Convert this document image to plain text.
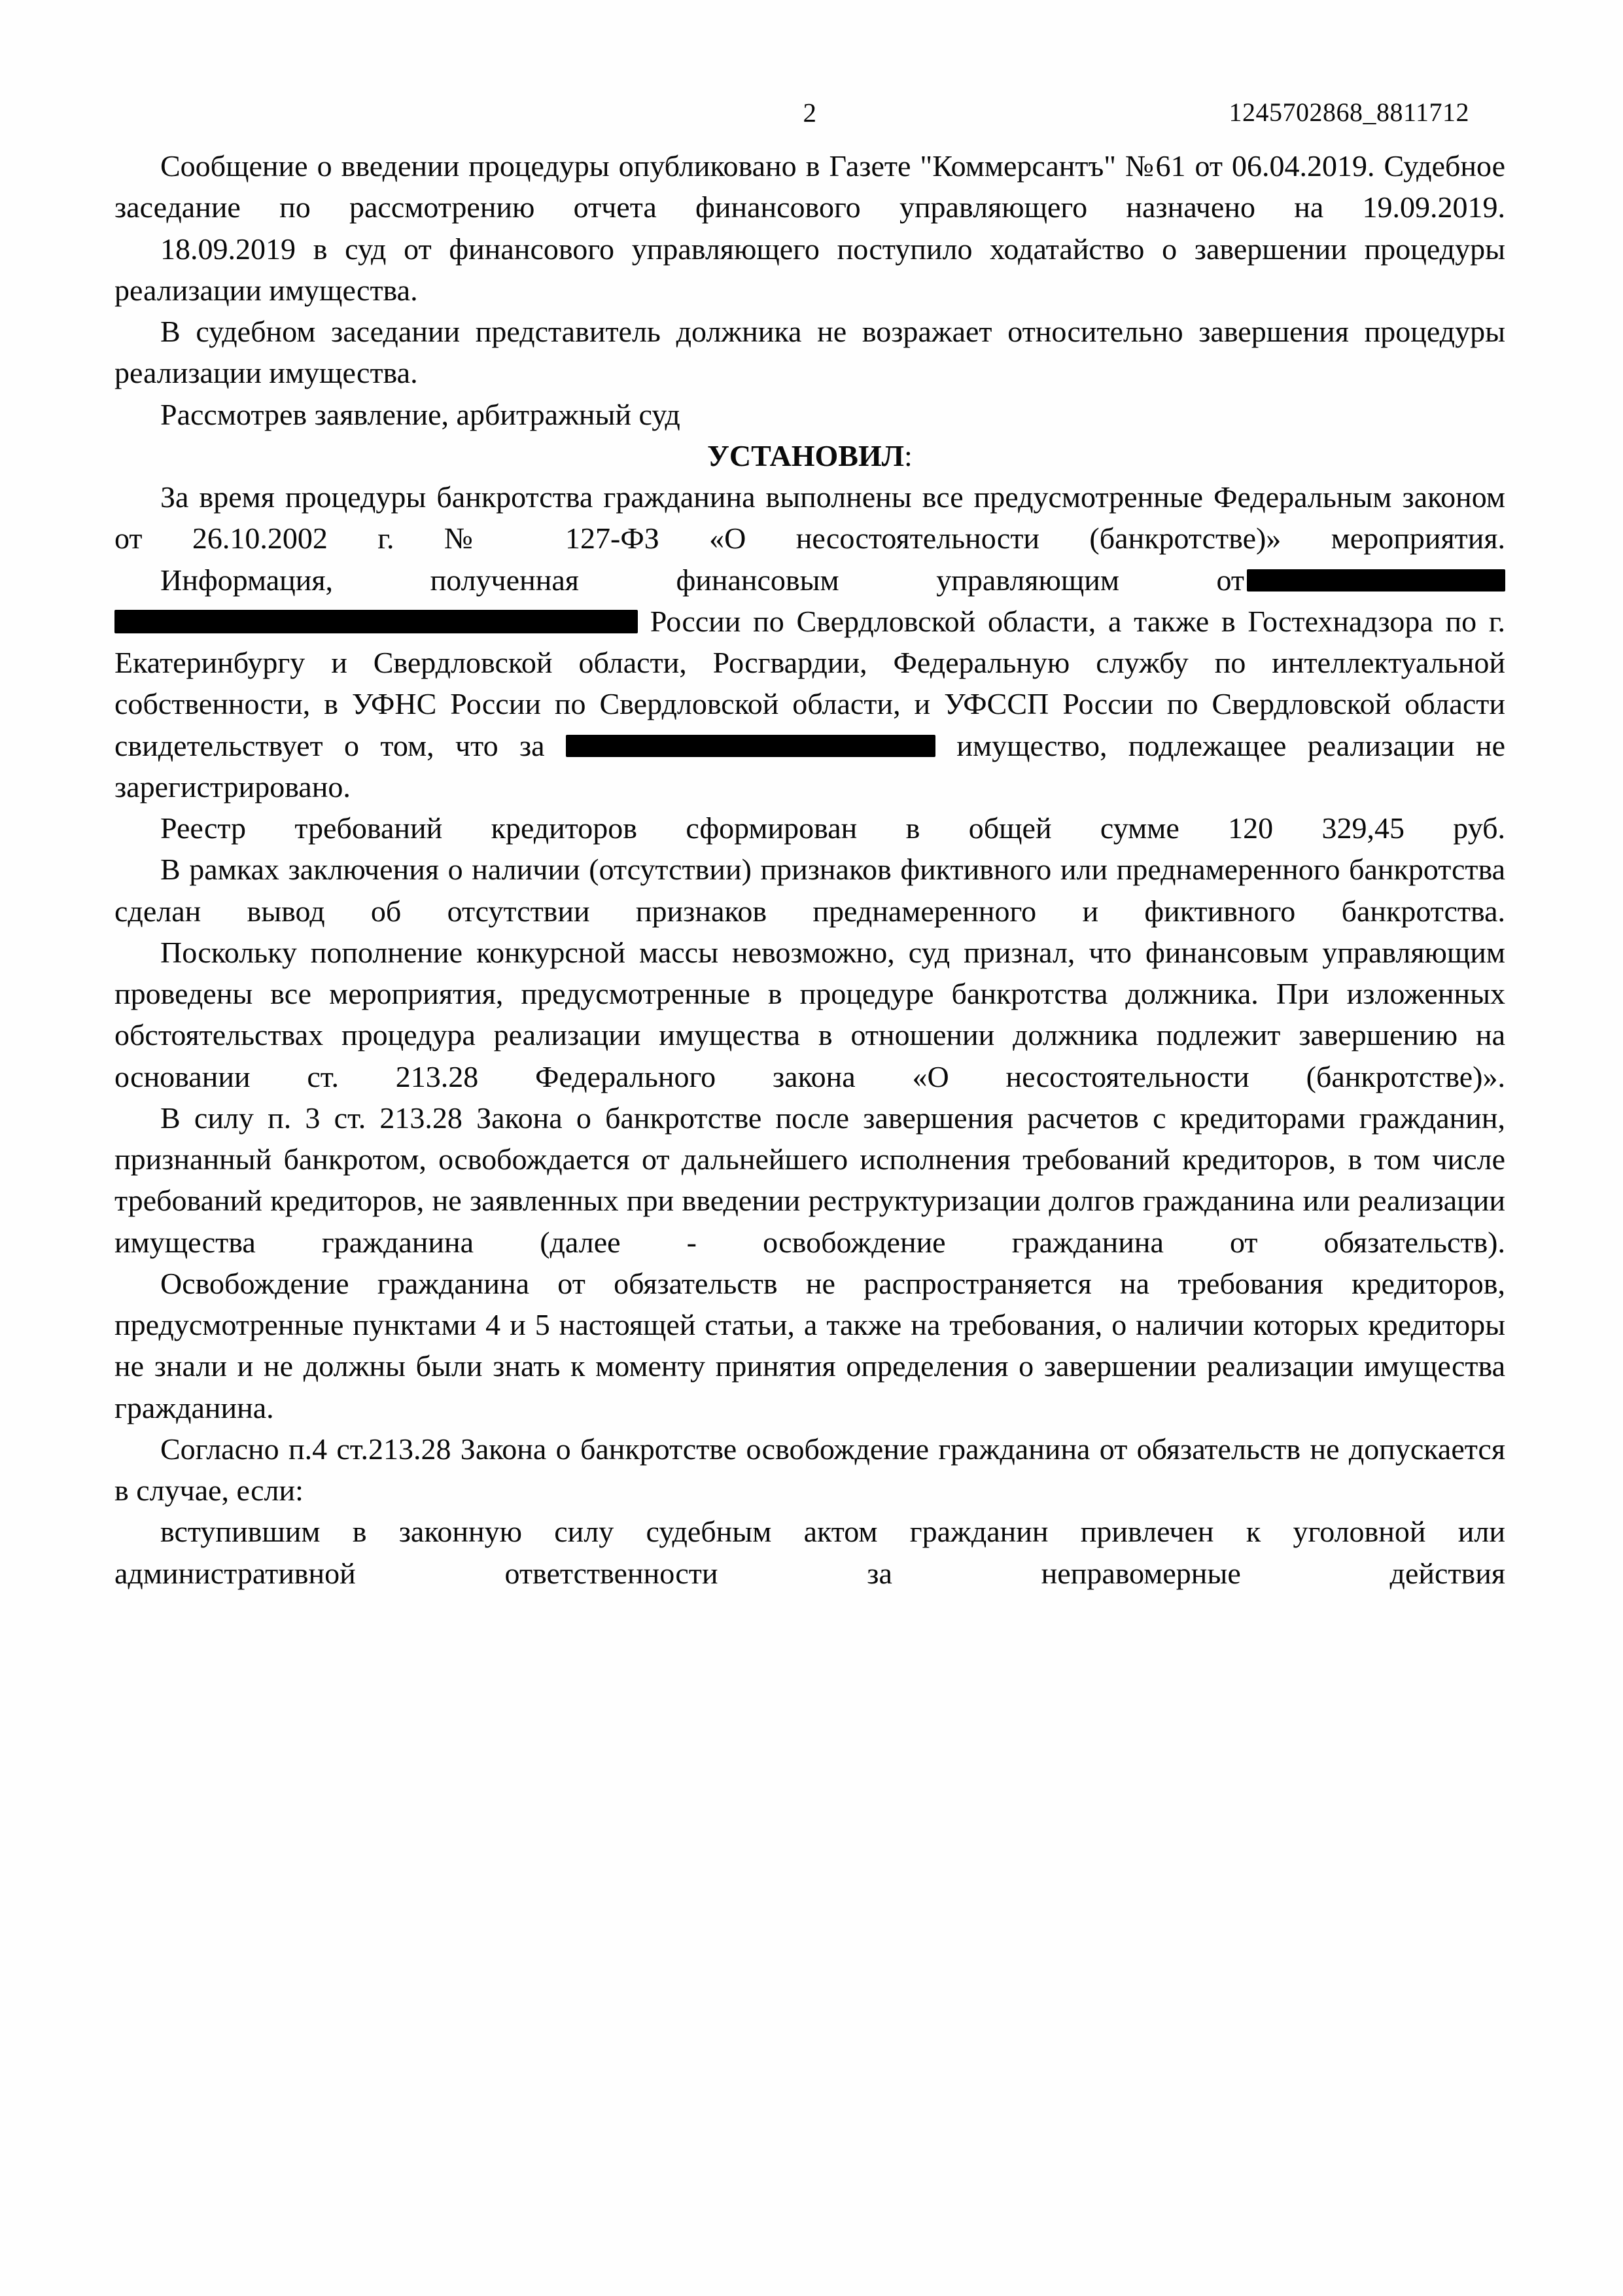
2	1245702868_8811712

Сообщение о введении процедуры опубликовано в Газете "Коммерсантъ" №61 от 06.04.2019. Судебное заседание по рассмотрению отчета финансового управляющего назначено на 19.09.2019.

18.09.2019 в суд от финансового управляющего поступило ходатайство о завершении процедуры реализации имущества.

В судебном заседании представитель должника не возражает относительно завершения процедуры реализации имущества.

Рассмотрев заявление, арбитражный суд

УСТАНОВИЛ:

За время процедуры банкротства гражданина выполнены все предусмотренные Федеральным законом от 26.10.2002 г. № 127-ФЗ «О несостоятельности (банкротстве)» мероприятия.

Информация, полученная финансовым управляющим от России по Свердловской области, а также в Гостехнадзора по г. Екатеринбургу и Свердловской области, Росгвардии, Федеральную службу по интеллектуальной собственности, в УФНС России по Свердловской области, и УФССП России по Свердловской области свидетельствует о том, что за	имущество, подлежащее реализации не зарегистрировано.

Реестр требований кредиторов сформирован в общей сумме 120 329,45 руб.

В рамках заключения о наличии (отсутствии) признаков фиктивного или преднамеренного банкротства сделан вывод об отсутствии признаков преднамеренного и фиктивного банкротства.

Поскольку пополнение конкурсной массы невозможно, суд признал, что финансовым управляющим проведены все мероприятия, предусмотренные в процедуре банкротства должника. При изложенных обстоятельствах процедура реализации имущества в отношении должника подлежит завершению на основании ст. 213.28 Федерального закона «О несостоятельности (банкротстве)».

В силу п. 3 ст. 213.28 Закона о банкротстве после завершения расчетов с кредиторами гражданин, признанный банкротом, освобождается от дальнейшего исполнения требований кредиторов, в том числе требований кредиторов, не заявленных при введении реструктуризации долгов гражданина или реализации имущества гражданина (далее - освобождение гражданина от обязательств).

Освобождение гражданина от обязательств не распространяется на требования кредиторов, предусмотренные пунктами 4 и 5 настоящей статьи, а также на требования, о наличии которых кредиторы не знали и не должны были знать к моменту принятия определения о завершении реализации имущества гражданина.

Согласно п.4 ст.213.28 Закона о банкротстве освобождение гражданина от обязательств не допускается в случае, если:

вступившим в законную силу судебным актом гражданин привлечен к уголовной или административной ответственности за неправомерные действия
